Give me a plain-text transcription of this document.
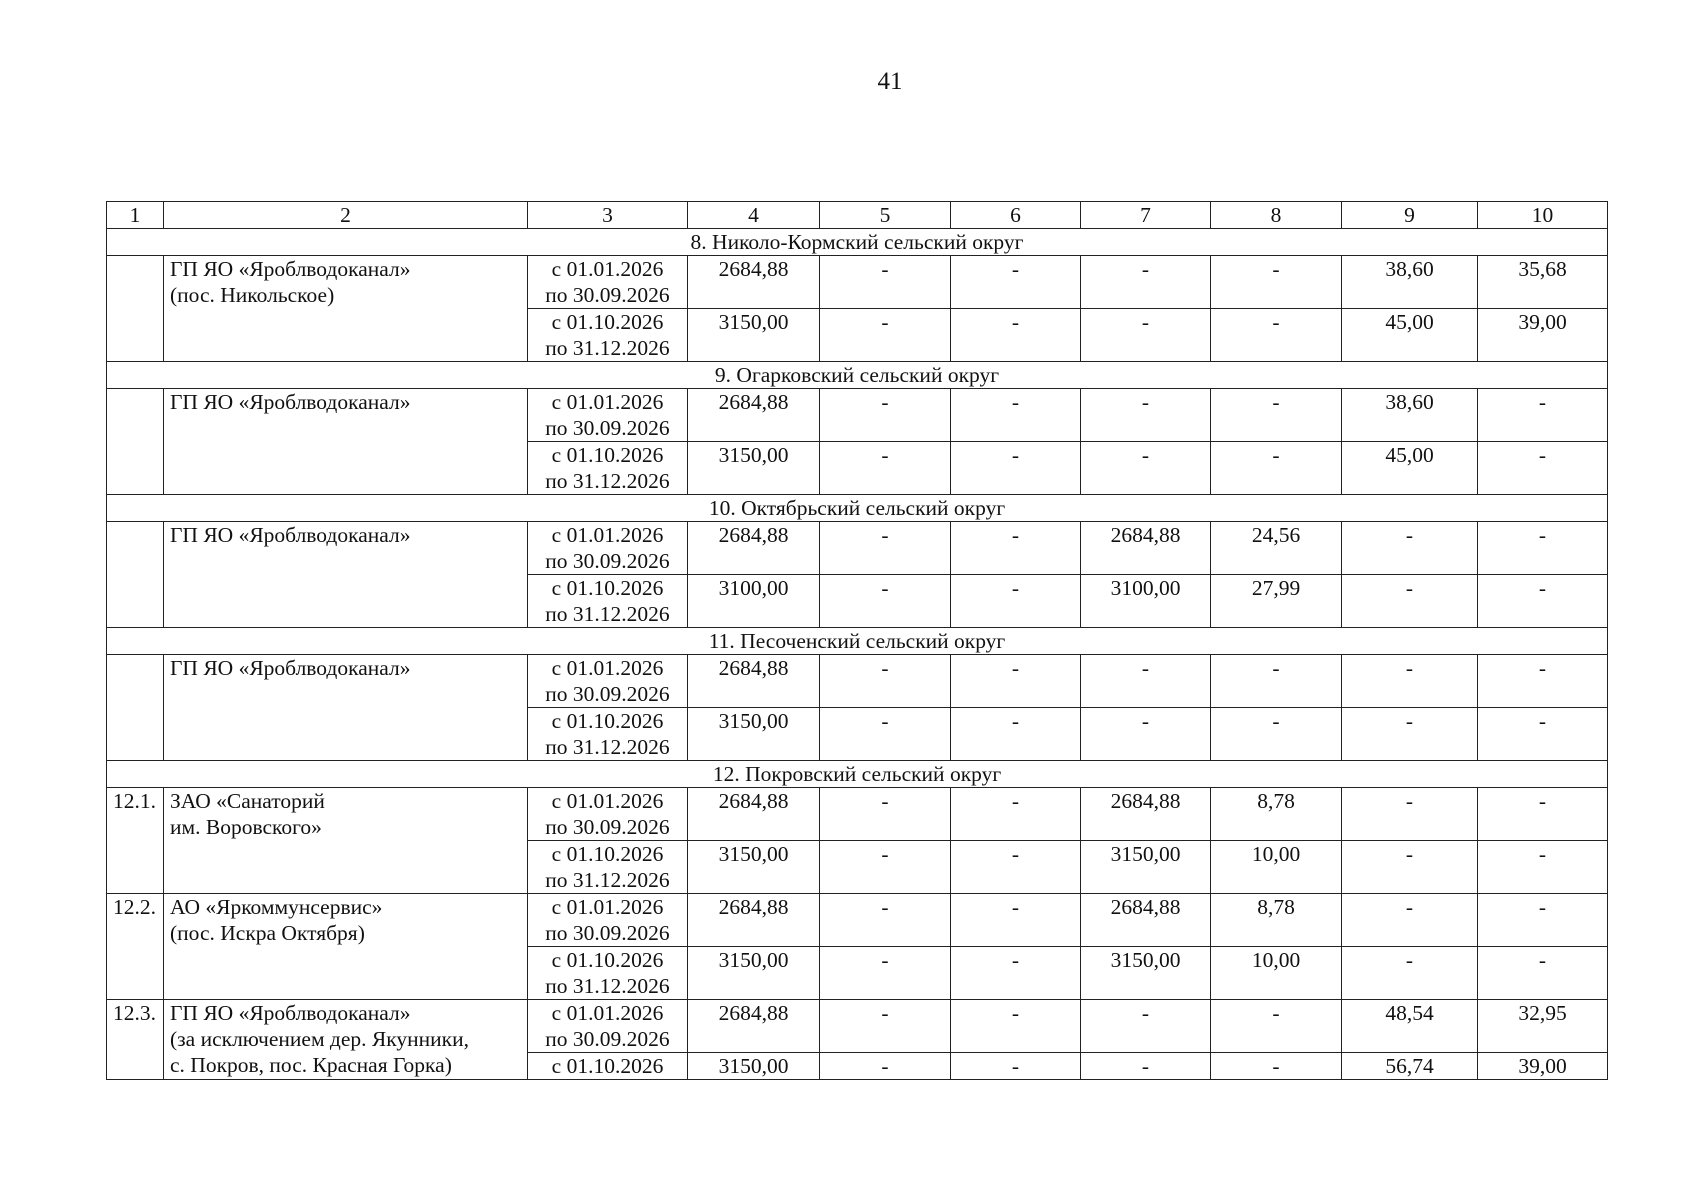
41
1	2	3	4	5	6	7	8	9	10
8. Николо-Кормский сельский округ									

	ГП ЯО «Яроблводоканал»
(пос. Никольское)	с 01.01.2026
по 30.09.2026	2684,88	-	-	-	-	38,60	35,68

		с 01.10.2026
по 31.12.2026	3150,00	-	-	-	-	45,00	39,00
9. Огарковский сельский округ									

	ГП ЯО «Яроблводоканал»	с 01.01.2026
по 30.09.2026	2684,88	-	-	-	-	38,60	-

		с 01.10.2026
по 31.12.2026	3150,00	-	-	-	-	45,00	-
10. Октябрьский сельский округ									

	ГП ЯО «Яроблводоканал»	с 01.01.2026
по 30.09.2026	2684,88	-	-	2684,88	24,56	-	-

		с 01.10.2026
по 31.12.2026	3100,00	-	-	3100,00	27,99	-	-
11. Песоченский сельский округ									

	ГП ЯО «Яроблводоканал»	с 01.01.2026
по 30.09.2026	2684,88	-	-	-	-	-	-

		с 01.10.2026
по 31.12.2026	3150,00	-	-	-	-	-	-
12. Покровский сельский округ									
12.1.	ЗАО «Санаторий
им. Воровского»	с 01.01.2026
по 30.09.2026	2684,88	-	-	2684,88	8,78	-	-

		с 01.10.2026
по 31.12.2026	3150,00	-	-	3150,00	10,00	-	-
12.2.	АО «Яркоммунсервис»
(пос. Искра Октября)	с 01.01.2026
по 30.09.2026	2684,88	-	-	2684,88	8,78	-	-

		с 01.10.2026
по 31.12.2026	3150,00	-	-	3150,00	10,00	-	-
12.3.	ГП ЯО «Яроблводоканал»
(за исключением дер. Якунники,
с. Покров, пос. Красная Горка)	с 01.01.2026
по 30.09.2026	2684,88	-	-	-	-	48,54	32,95

		с 01.10.2026	3150,00	-	-	-	-	56,74	39,00
